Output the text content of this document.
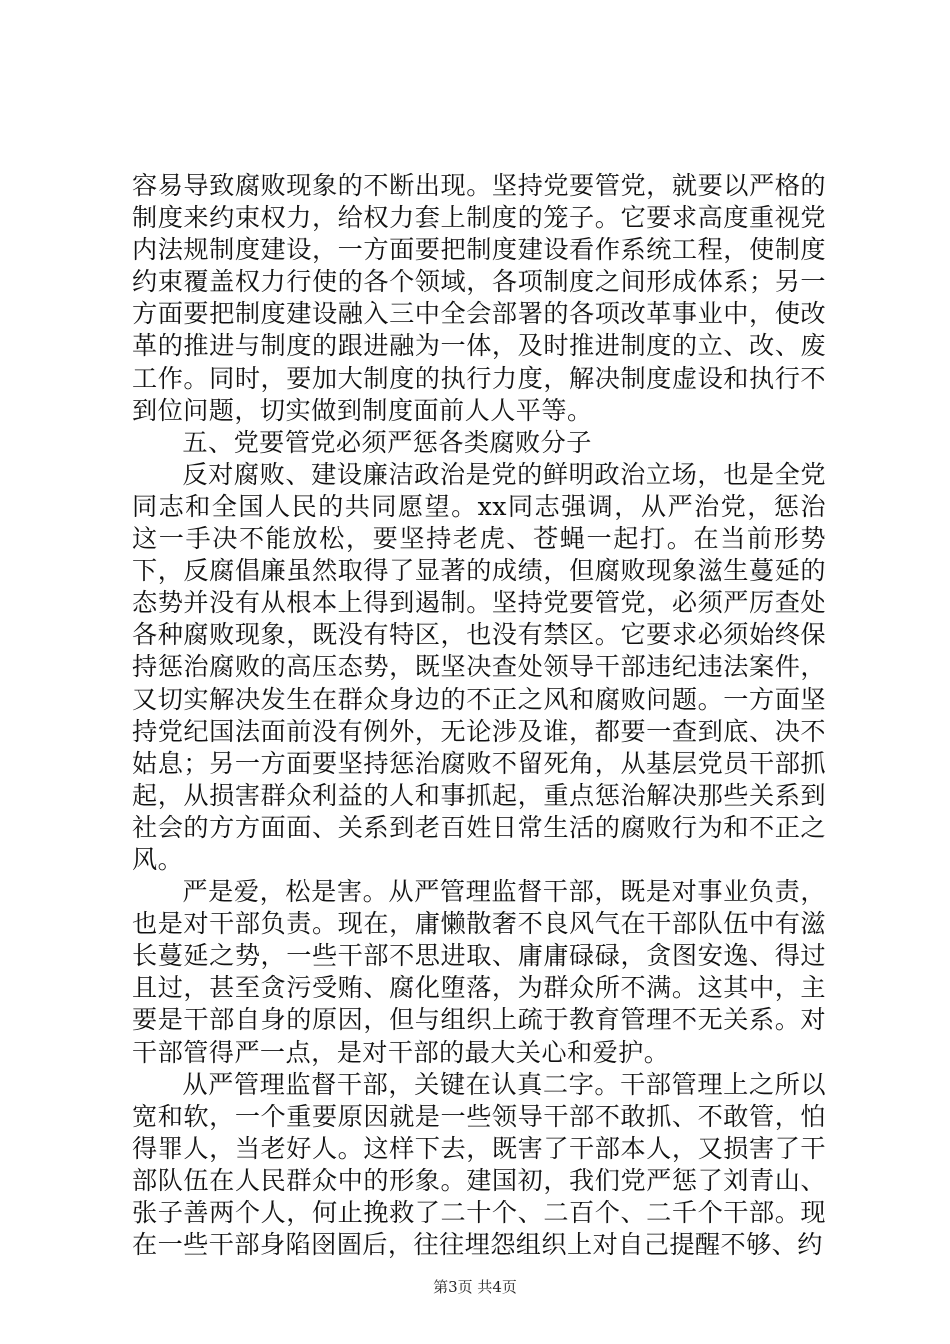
容易导致腐败现象的不断出现。坚持党要管党，就要以严格的制度来约束权力，给权力套上制度的笼子。它要求高度重视党内法规制度建设，一方面要把制度建设看作系统工程，使制度约束覆盖权力行使的各个领域，各项制度之间形成体系；另一方面要把制度建设融入三中全会部署的各项改革事业中，使改革的推进与制度的跟进融为一体，及时推进制度的立、改、废工作。同时，要加大制度的执行力度，解决制度虚设和执行不到位问题，切实做到制度面前人人平等。

五、党要管党必须严惩各类腐败分子

反对腐败、建设廉洁政治是党的鲜明政治立场，也是全党同志和全国人民的共同愿望。xx同志强调，从严治党，惩治这一手决不能放松，要坚持老虎、苍蝇一起打。在当前形势下，反腐倡廉虽然取得了显著的成绩，但腐败现象滋生蔓延的态势并没有从根本上得到遏制。坚持党要管党，必须严厉查处各种腐败现象，既没有特区，也没有禁区。它要求必须始终保持惩治腐败的高压态势，既坚决查处领导干部违纪违法案件，又切实解决发生在群众身边的不正之风和腐败问题。一方面坚持党纪国法面前没有例外，无论涉及谁，都要一查到底、决不姑息；另一方面要坚持惩治腐败不留死角，从基层党员干部抓起，从损害群众利益的人和事抓起，重点惩治解决那些关系到社会的方方面面、关系到老百姓日常生活的腐败行为和不正之风。

严是爱，松是害。从严管理监督干部，既是对事业负责，也是对干部负责。现在，庸懒散奢不良风气在干部队伍中有滋长蔓延之势，一些干部不思进取、庸庸碌碌，贪图安逸、得过且过，甚至贪污受贿、腐化堕落，为群众所不满。这其中，主要是干部自身的原因，但与组织上疏于教育管理不无关系。对干部管得严一点，是对干部的最大关心和爱护。

从严管理监督干部，关键在认真二字。干部管理上之所以宽和软，一个重要原因就是一些领导干部不敢抓、不敢管，怕得罪人，当老好人。这样下去，既害了干部本人，又损害了干部队伍在人民群众中的形象。建国初，我们党严惩了刘青山、张子善两个人，何止挽救了二十个、二百个、二千个干部。现在一些干部身陷囹圄后，往往埋怨组织上对自己提醒不够、约

第3页 共4页
